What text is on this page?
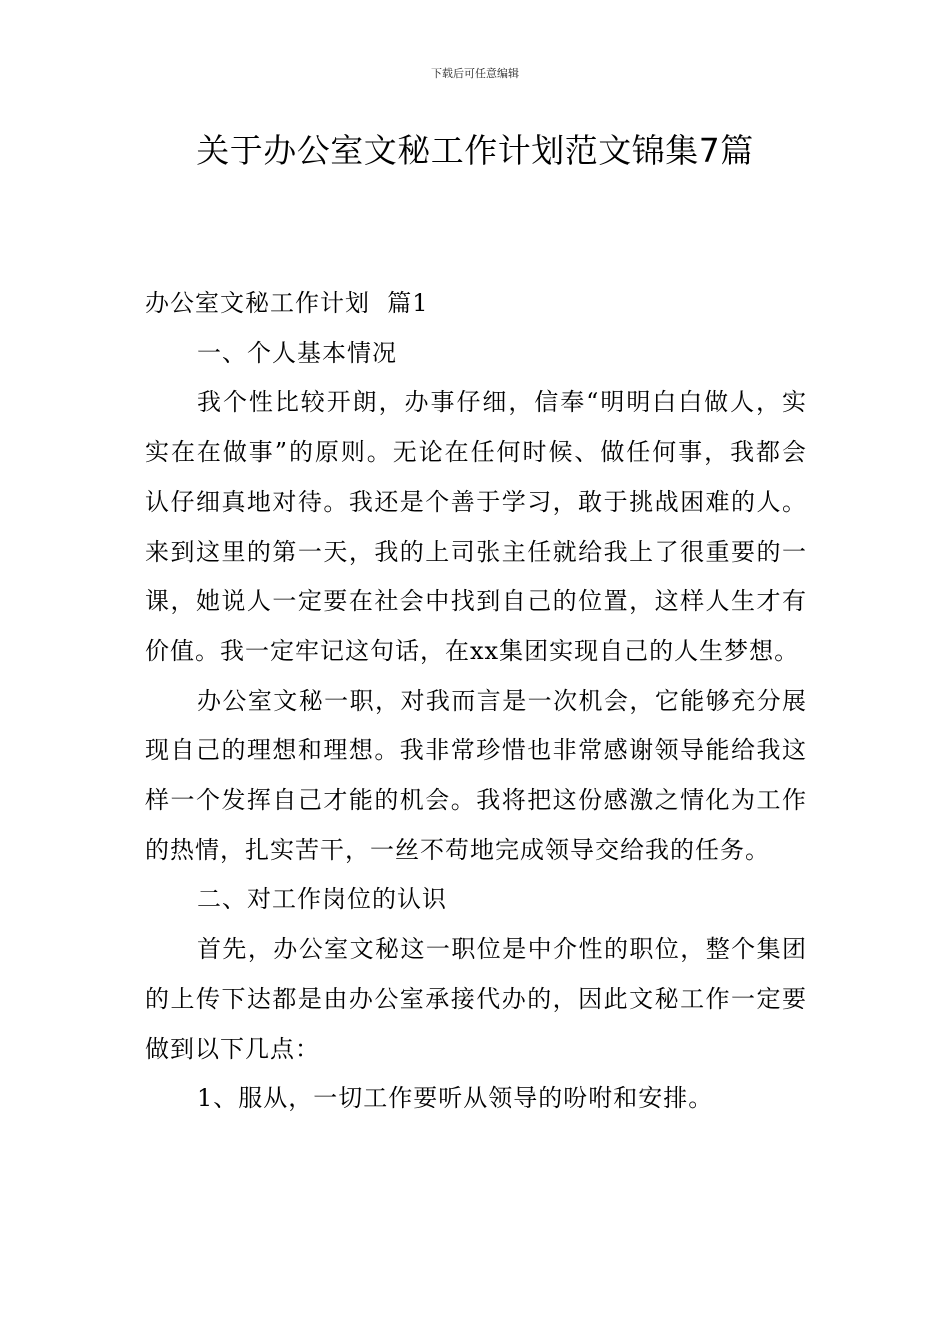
下载后可任意编辑
关于办公室文秘工作计划范文锦集7篇

办公室文秘工作计划  篇1

一、个人基本情况

我个性比较开朗，办事仔细，信奉“明明白白做人，实实在在做事”的原则。无论在任何时候、做任何事，我都会认仔细真地对待。我还是个善于学习，敢于挑战困难的人。来到这里的第一天，我的上司张主任就给我上了很重要的一课，她说人一定要在社会中找到自己的位置，这样人生才有价值。我一定牢记这句话，在xx集团实现自己的人生梦想。

办公室文秘一职，对我而言是一次机会，它能够充分展现自己的理想和理想。我非常珍惜也非常感谢领导能给我这样一个发挥自己才能的机会。我将把这份感激之情化为工作的热情，扎实苦干，一丝不苟地完成领导交给我的任务。

二、对工作岗位的认识

首先，办公室文秘这一职位是中介性的职位，整个集团的上传下达都是由办公室承接代办的，因此文秘工作一定要做到以下几点：

1、服从，一切工作要听从领导的吩咐和安排。
